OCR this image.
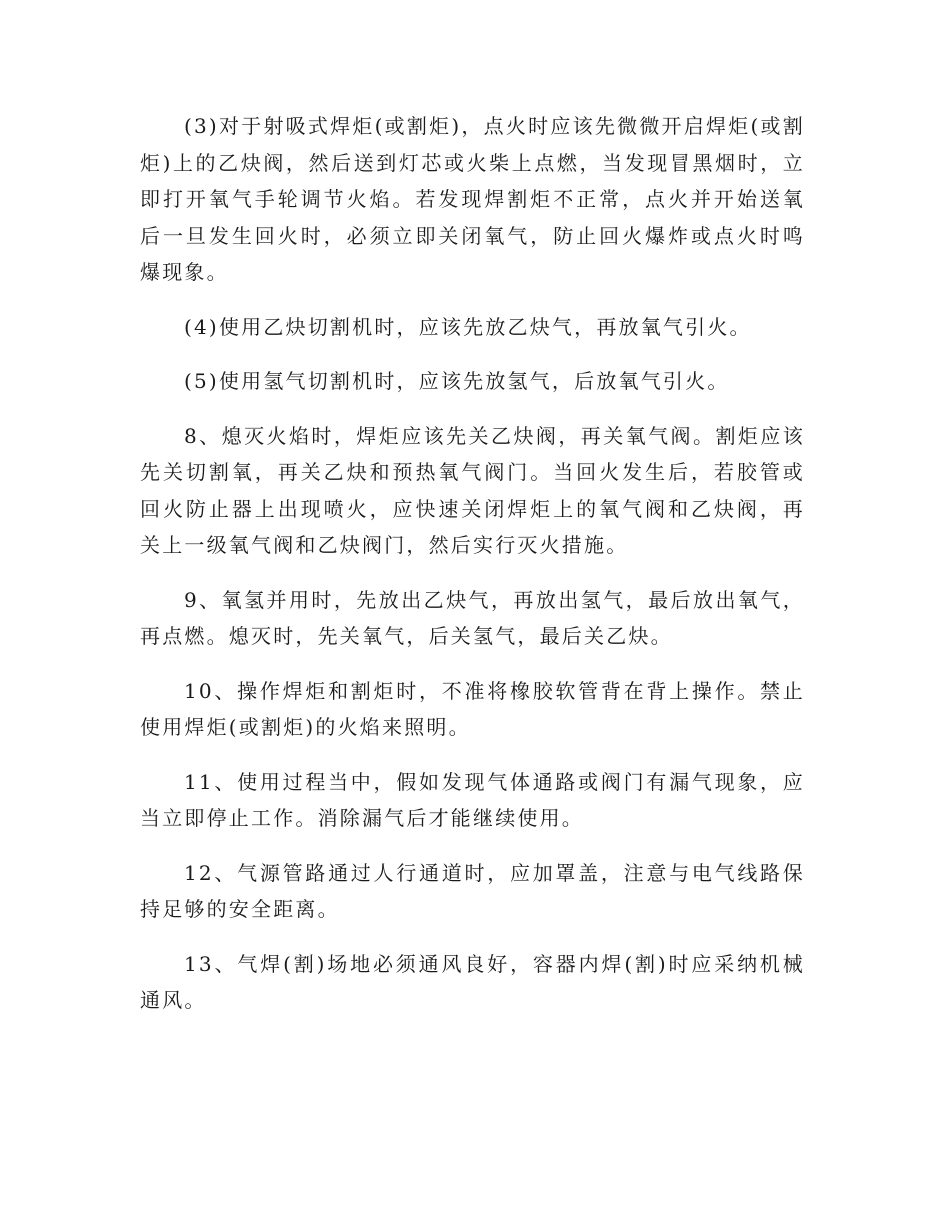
(3)对于射吸式焊炬(或割炬)，点火时应该先微微开启焊炬(或割炬)上的乙炔阀，然后送到灯芯或火柴上点燃，当发现冒黑烟时，立即打开氧气手轮调节火焰。若发现焊割炬不正常，点火并开始送氧后一旦发生回火时，必须立即关闭氧气，防止回火爆炸或点火时鸣爆现象。

(4)使用乙炔切割机时，应该先放乙炔气，再放氧气引火。

(5)使用氢气切割机时，应该先放氢气，后放氧气引火。

8、熄灭火焰时，焊炬应该先关乙炔阀，再关氧气阀。割炬应该先关切割氧，再关乙炔和预热氧气阀门。当回火发生后，若胶管或回火防止器上出现喷火，应快速关闭焊炬上的氧气阀和乙炔阀，再关上一级氧气阀和乙炔阀门，然后实行灭火措施。

9、氧氢并用时，先放出乙炔气，再放出氢气，最后放出氧气，再点燃。熄灭时，先关氧气，后关氢气，最后关乙炔。

10、操作焊炬和割炬时，不准将橡胶软管背在背上操作。禁止使用焊炬(或割炬)的火焰来照明。

11、使用过程当中，假如发现气体通路或阀门有漏气现象，应当立即停止工作。消除漏气后才能继续使用。

12、气源管路通过人行通道时，应加罩盖，注意与电气线路保持足够的安全距离。

13、气焊(割)场地必须通风良好，容器内焊(割)时应采纳机械通风。
